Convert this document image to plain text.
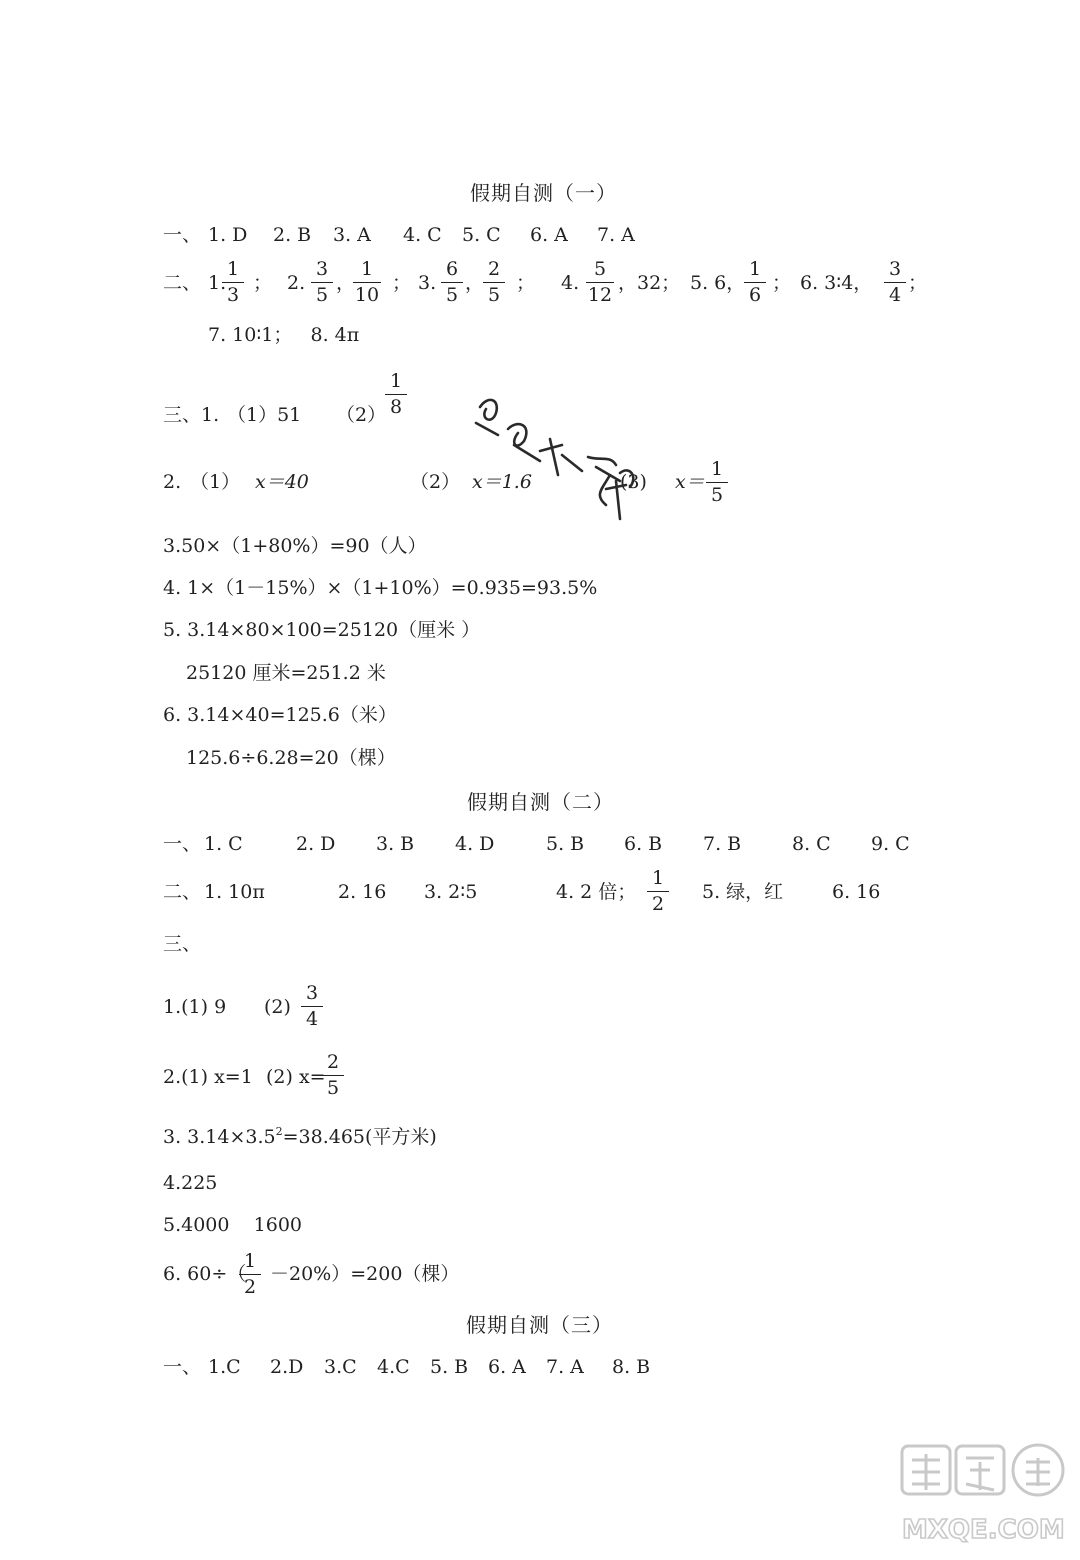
假期自测（一）
一、 1. D 2. B 3. A 4. C 5. C 6. A 7. A
二、 1.
1
3
； 2.
3
5
，
1
10
； 3.
6
5
，
2
5
； 4.
5
12
，32； 5. 6，
1
6
； 6. 3∶4，
3
4
；
7. 10∶1；   8. 4π
三、1. （1）51 （2）
1
8
2. （1） x＝40	（2） x＝1.6	(3) x＝
1
5
3.50×（1+80%）=90（人）
4. 1×（1－15%）×（1+10%）=0.935=93.5%
5. 3.14×80×100=25120（厘米 ）
25120 厘米=251.2 米
6. 3.14×40=125.6（米）
125.6÷6.28=20（棵）
假期自测（二）
一、 1. C	2. D 3. B 4. D	5. B 6. B 7. B	8. C 9. C
二、 1. 10π	2. 16 3. 2∶5	4. 2 倍；
1
2
5. 绿，红	6. 16
三、
1.(1) 9 (2)
3
4
2.(1) x=1 (2) x=
2
5
3. $3.14\times 3.5^2=38.465$(平方米)
4.225
5.4000    1600
6. 60÷（
1
2
－20%）=200（棵）
假期自测（三）
一、 1.C 2.D 3.C 4.C 5. B 6. A 7. A 8. B
MXQE.COM
